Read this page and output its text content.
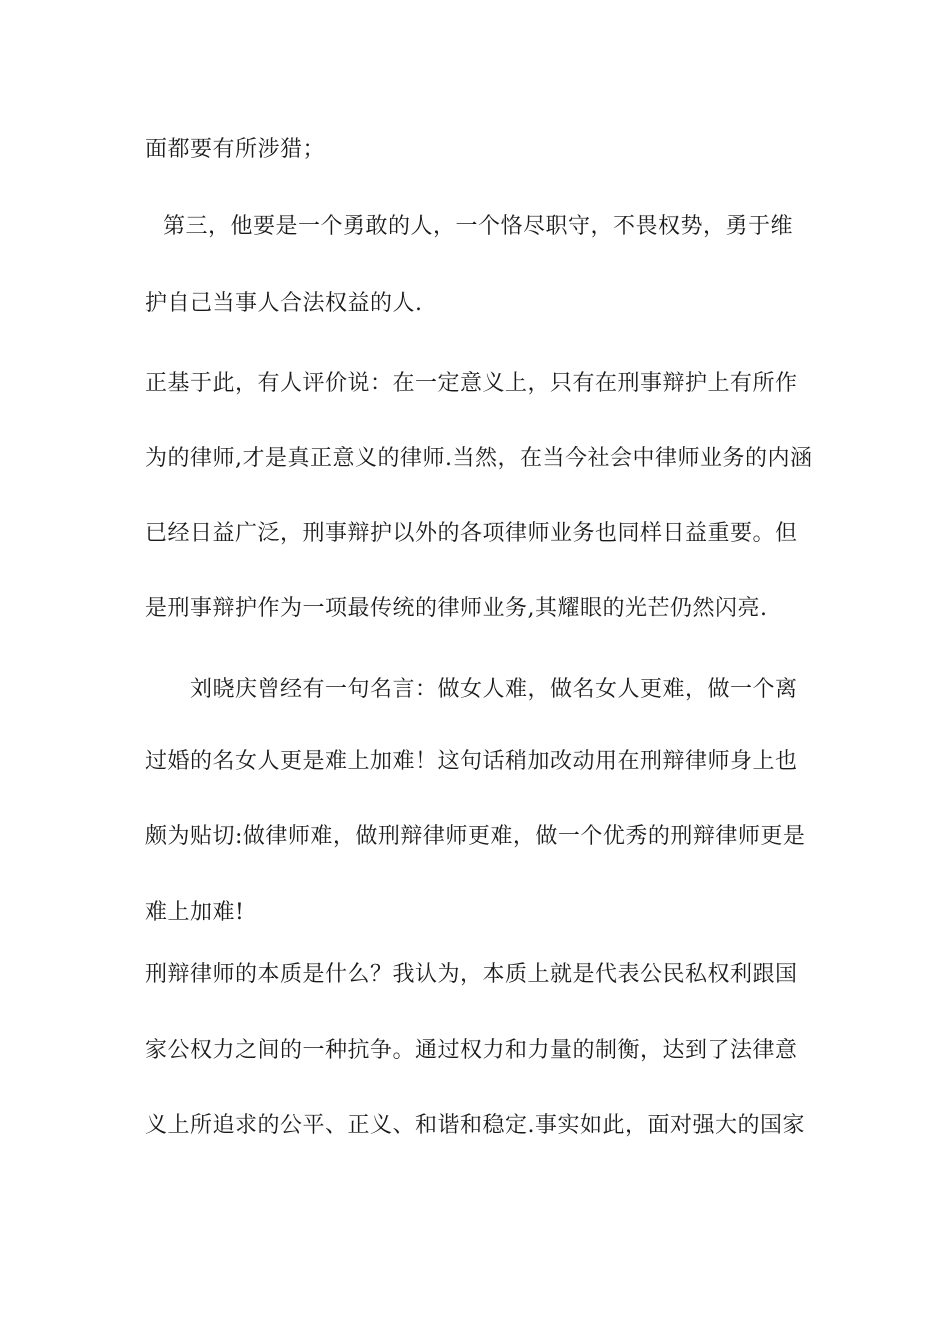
面都要有所涉猎；
第三，他要是一个勇敢的人，一个恪尽职守，不畏权势，勇于维
护自己当事人合法权益的人.
正基于此，有人评价说：在一定意义上，只有在刑事辩护上有所作
为的律师,才是真正意义的律师.当然，在当今社会中律师业务的内涵
已经日益广泛，刑事辩护以外的各项律师业务也同样日益重要。但
是刑事辩护作为一项最传统的律师业务,其耀眼的光芒仍然闪亮.
刘晓庆曾经有一句名言：做女人难，做名女人更难，做一个离
过婚的名女人更是难上加难！这句话稍加改动用在刑辩律师身上也
颇为贴切:做律师难，做刑辩律师更难，做一个优秀的刑辩律师更是
难上加难!
刑辩律师的本质是什么？我认为，本质上就是代表公民私权利跟国
家公权力之间的一种抗争。通过权力和力量的制衡，达到了法律意
义上所追求的公平、正义、和谐和稳定.事实如此，面对强大的国家
